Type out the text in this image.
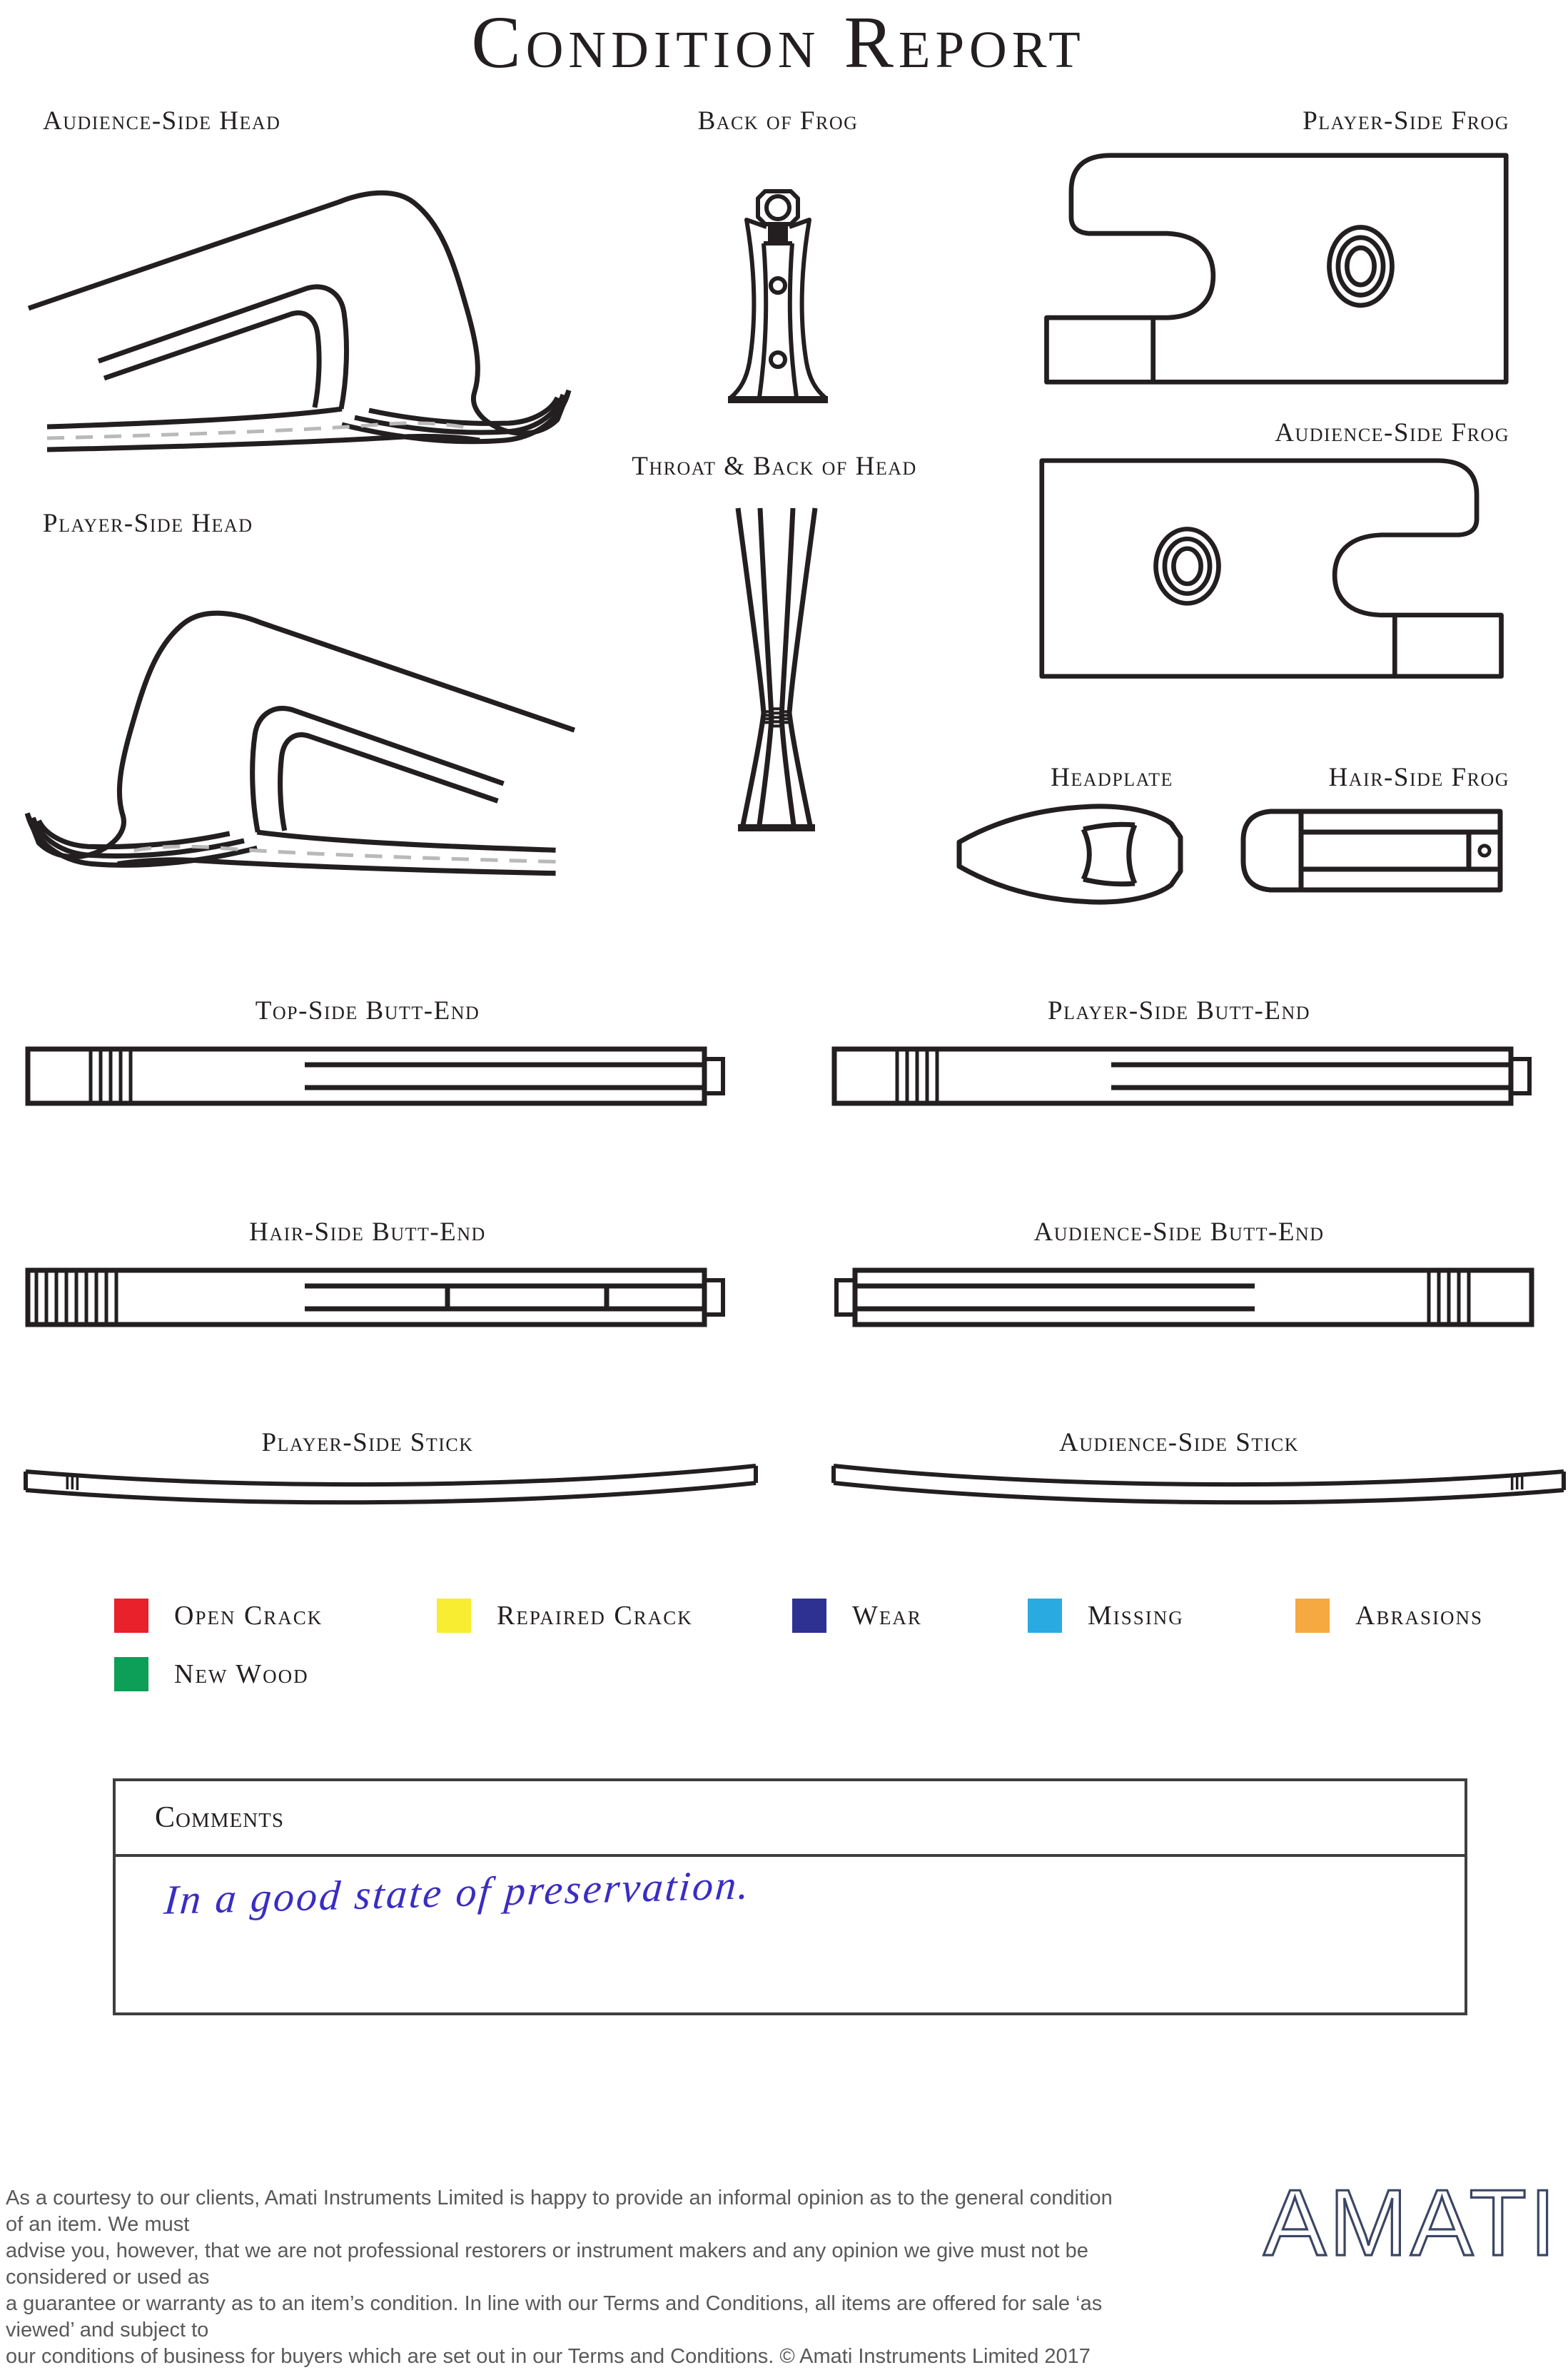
Condition Report
Audience-Side Head	Back of Frog	Player-Side Frog
Audience-Side Frog
Player-Side Head
Throat & Back of Head
Headplate	Hair-Side Frog
Top-Side Butt-End	Player-Side Butt-End
Hair-Side Butt-End	Audience-Side Butt-End
Player-Side Stick	Audience-Side Stick
Open Crack	Repaired Crack	Wear	Missing	Abrasions
New Wood
Comments
In a good state of preservation.
As a courtesy to our clients, Amati Instruments Limited is happy to provide an informal opinion as to the general condition of an item. We must
advise you, however, that we are not professional restorers or instrument makers and any opinion we give must not be considered or used as
a guarantee or warranty as to an item’s condition. In line with our Terms and Conditions, all items are offered for sale ‘as viewed’ and subject to
our conditions of business for buyers which are set out in our Terms and Conditions. © Amati Instruments Limited 2017
AMATI
